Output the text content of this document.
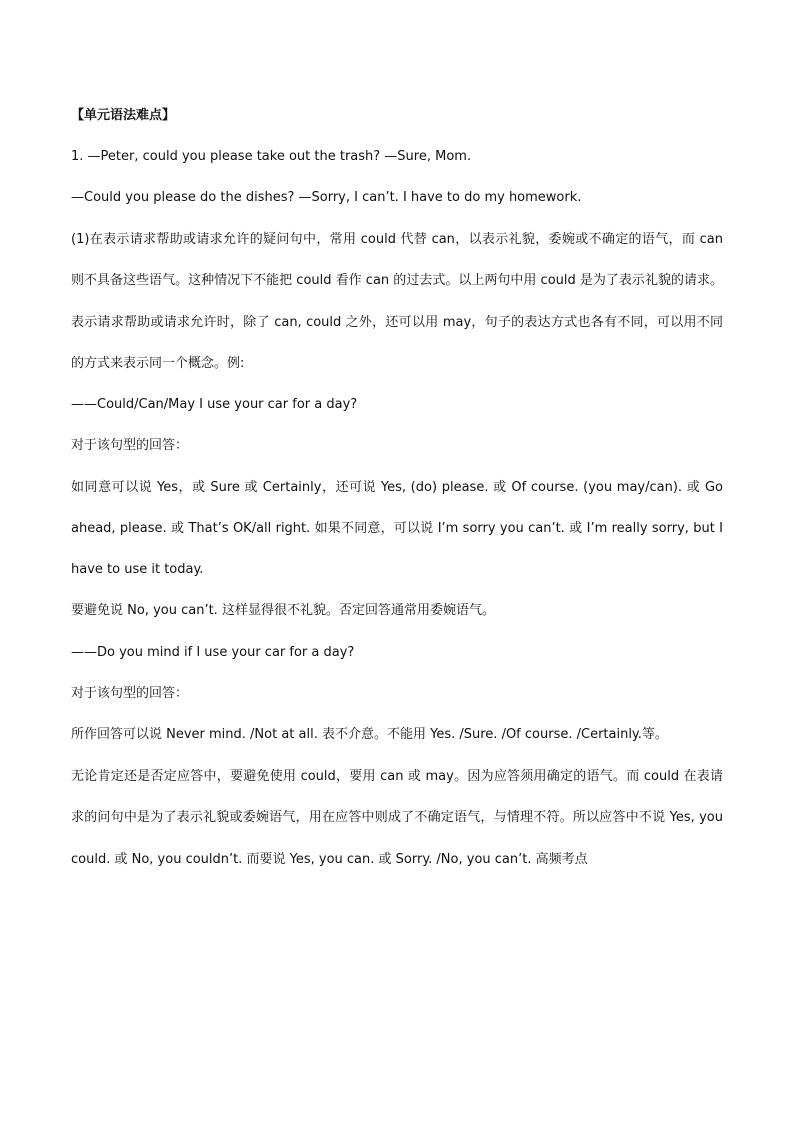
【单元语法难点】
1. —Peter, could you please take out the trash? —Sure, Mom.
—Could you please do the dishes? —Sorry, I can’t. I have to do my homework.
(1)在表示请求帮助或请求允许的疑问句中，常用 could 代替 can，以表示礼貌，委婉或不确定的语气，而 can 则不具备这些语气。这种情况下不能把 could 看作 can 的过去式。以上两句中用 could 是为了表示礼貌的请求。表示请求帮助或请求允许时，除了 can, could 之外，还可以用 may，句子的表达方式也各有不同，可以用不同的方式来表示同一个概念。例:
——Could/Can/May I use your car for a day?
对于该句型的回答：
如同意可以说 Yes，或 Sure 或 Certainly，还可说 Yes, (do) please. 或 Of course. (you may/can). 或 Go ahead, please. 或 That’s OK/all right. 如果不同意，可以说 I’m sorry you can’t. 或 I’m really sorry, but I have to use it today.
要避免说 No, you can’t. 这样显得很不礼貌。否定回答通常用委婉语气。
——Do you mind if I use your car for a day?
对于该句型的回答：
所作回答可以说 Never mind. /Not at all. 表不介意。不能用 Yes. /Sure. /Of course. /Certainly.等。
无论肯定还是否定应答中，要避免使用 could，要用 can 或 may。因为应答须用确定的语气。而 could 在表请求的问句中是为了表示礼貌或委婉语气，用在应答中则成了不确定语气，与情理不符。所以应答中不说 Yes, you could. 或 No, you couldn’t. 而要说 Yes, you can. 或 Sorry. /No, you can’t. 高频考点
